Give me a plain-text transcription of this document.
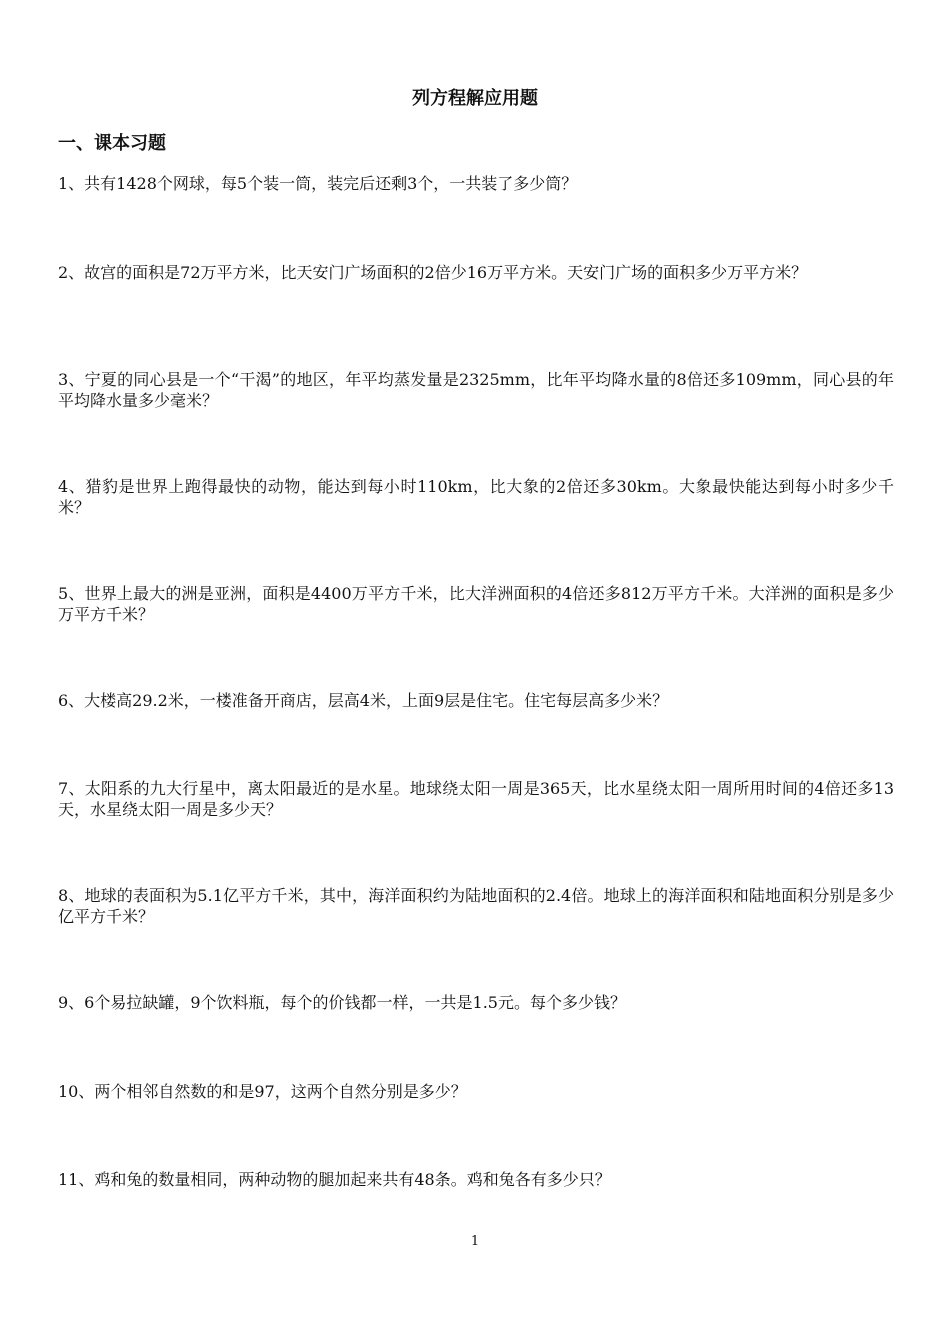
列方程解应用题
一、课本习题

1、共有1428个网球，每5个装一筒，装完后还剩3个，一共装了多少筒？

2、故宫的面积是72万平方米，比天安门广场面积的2倍少16万平方米。天安门广场的面积多少万平方米？

3、宁夏的同心县是一个“干渴”的地区，年平均蒸发量是2325mm，比年平均降水量的8倍还多109mm，同心县的年平均降水量多少毫米？

4、猎豹是世界上跑得最快的动物，能达到每小时110km，比大象的2倍还多30km。大象最快能达到每小时多少千米？

5、世界上最大的洲是亚洲，面积是4400万平方千米，比大洋洲面积的4倍还多812万平方千米。大洋洲的面积是多少万平方千米？

6、大楼高29.2米，一楼准备开商店，层高4米，上面9层是住宅。住宅每层高多少米？

7、太阳系的九大行星中，离太阳最近的是水星。地球绕太阳一周是365天，比水星绕太阳一周所用时间的4倍还多13天，水星绕太阳一周是多少天？

8、地球的表面积为5.1亿平方千米，其中，海洋面积约为陆地面积的2.4倍。地球上的海洋面积和陆地面积分别是多少亿平方千米？

9、6个易拉缺罐，9个饮料瓶，每个的价钱都一样，一共是1.5元。每个多少钱？

10、两个相邻自然数的和是97，这两个自然分别是多少？

11、鸡和兔的数量相同，两种动物的腿加起来共有48条。鸡和兔各有多少只？

1
